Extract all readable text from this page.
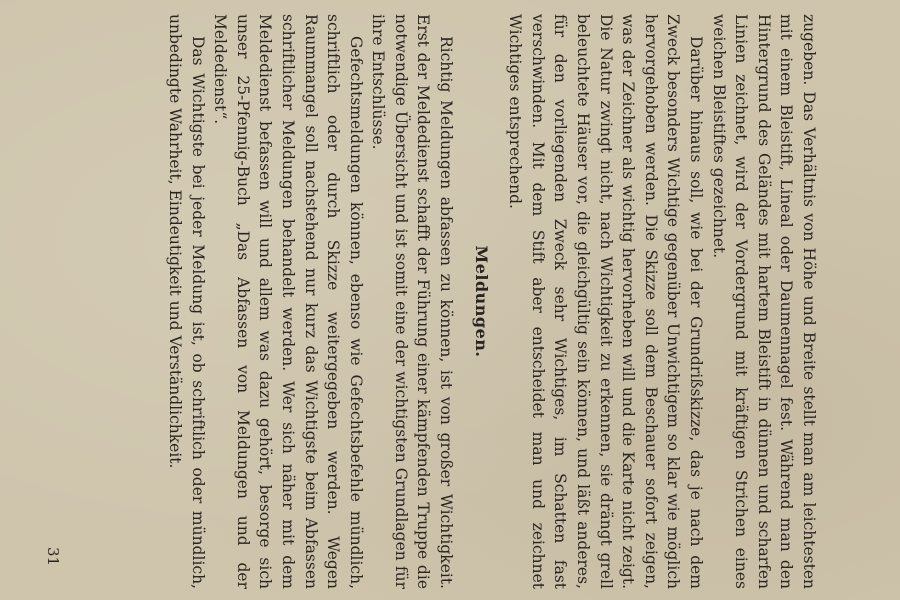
zugeben. Das Verhältnis von Höhe und Breite stellt man am leichtesten mit einem Bleistift, Lineal oder Daumennagel fest. Während man den Hintergrund des Geländes mit hartem Bleistift in dünnen und scharfen Linien zeichnet, wird der Vordergrund mit kräftigen Strichen eines weichen Bleistiftes gezeichnet.

Darüber hinaus soll, wie bei der Grundrißskizze, das je nach dem Zweck besonders Wichtige gegenüber Unwichtigem so klar wie möglich hervorgehoben werden. Die Skizze soll dem Beschauer sofort zeigen, was der Zeichner als wichtig hervorheben will und die Karte nicht zeigt. Die Natur zwingt nicht, nach Wichtigkeit zu erkennen, sie drängt grell beleuchtete Häuser vor, die gleichgültig sein können, und läßt anderes, für den vorliegenden Zweck sehr Wichtiges, im Schatten fast verschwinden. Mit dem Stift aber entscheidet man und zeichnet Wichtiges entsprechend.

Meldungen.

Richtig Meldungen abfassen zu können, ist von großer Wichtigkeit. Erst der Meldedienst schafft der Führung einer kämpfenden Truppe die notwendige Übersicht und ist somit eine der wichtigsten Grundlagen für ihre Entschlüsse.

Gefechtsmeldungen können, ebenso wie Gefechtsbefehle mündlich, schriftlich oder durch Skizze weitergegeben werden. Wegen Raummangel soll nachstehend nur kurz das Wichtigste beim Abfassen schriftlicher Meldungen behandelt werden. Wer sich näher mit dem Meldedienst befassen will und allem was dazu gehört, besorge sich unser 25-Pfennig-Buch „Das Abfassen von Meldungen und der Meldedienst“.

Das Wichtigste bei jeder Meldung ist, ob schriftlich oder mündlich, unbedingte Wahrheit, Eindeutigkeit und Verständlichkeit.

31
